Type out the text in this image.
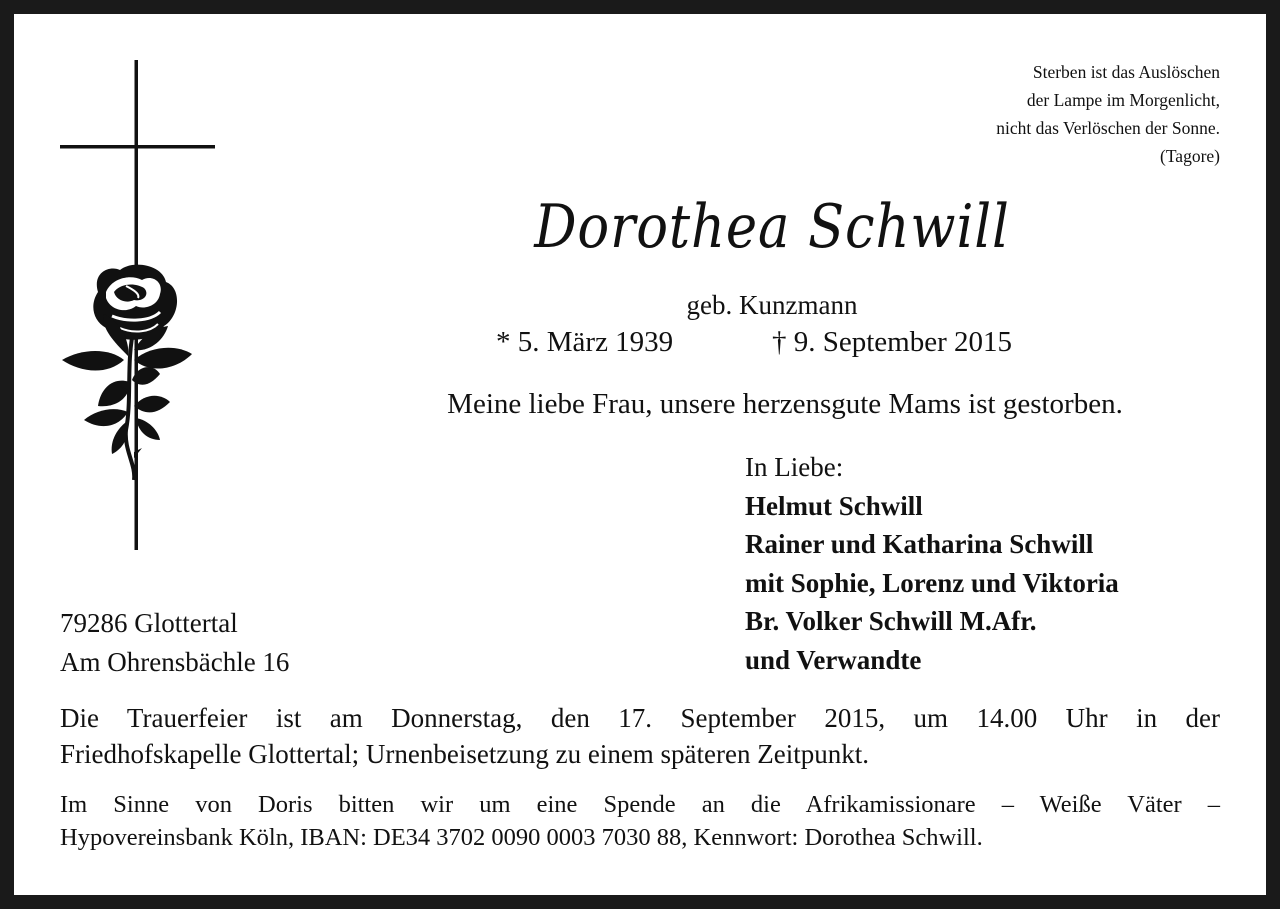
Sterben ist das Auslöschen
der Lampe im Morgenlicht,
nicht das Verlöschen der Sonne.
(Tagore)
Dorothea Schwill
geb. Kunzmann
* 5. März 1939	† 9. September 2015
Meine liebe Frau, unsere herzensgute Mams ist gestorben.
In Liebe:
Helmut Schwill
Rainer und Katharina Schwill
mit Sophie, Lorenz und Viktoria
Br. Volker Schwill M.Afr.
und Verwandte
79286 Glottertal
Am Ohrensbächle 16
Die Trauerfeier ist am Donnerstag, den 17. September 2015, um 14.00 Uhr in der
Friedhofskapelle Glottertal; Urnenbeisetzung zu einem späteren Zeitpunkt.
Im Sinne von Doris bitten wir um eine Spende an die Afrikamissionare – Weiße Väter –
Hypovereinsbank Köln, IBAN: DE34 3702 0090 0003 7030 88, Kennwort: Dorothea Schwill.
